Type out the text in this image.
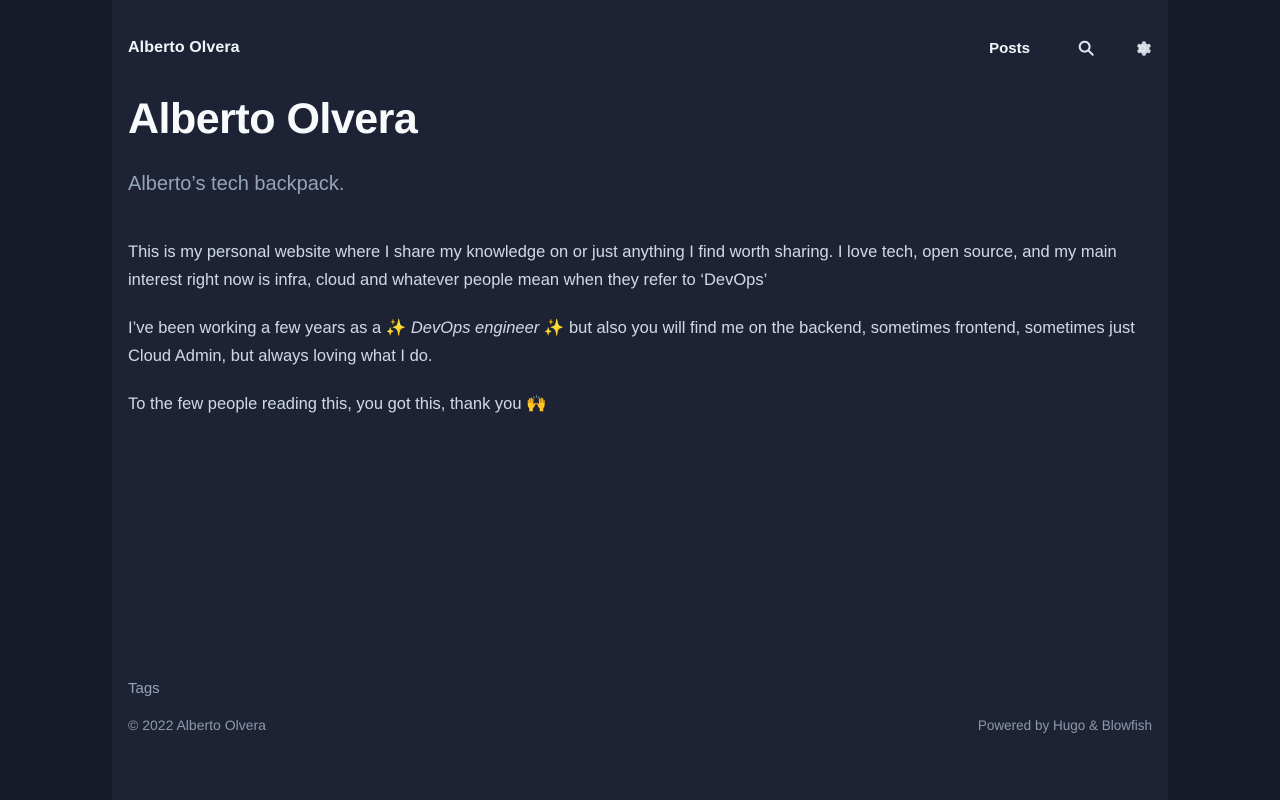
Alberto Olvera	Posts
Alberto Olvera
Alberto’s tech backpack.

This is my personal website where I share my knowledge on or just anything I find worth sharing. I love tech, open source, and my main interest right now is infra, cloud and whatever people mean when they refer to ‘DevOps’

I’ve been working a few years as a ✨ DevOps engineer ✨ but also you will find me on the backend, sometimes frontend, sometimes just Cloud Admin, but always loving what I do.

To the few people reading this, you got this, thank you 🙌

Tags
© 2022 Alberto Olvera	Powered by Hugo & Blowfish
